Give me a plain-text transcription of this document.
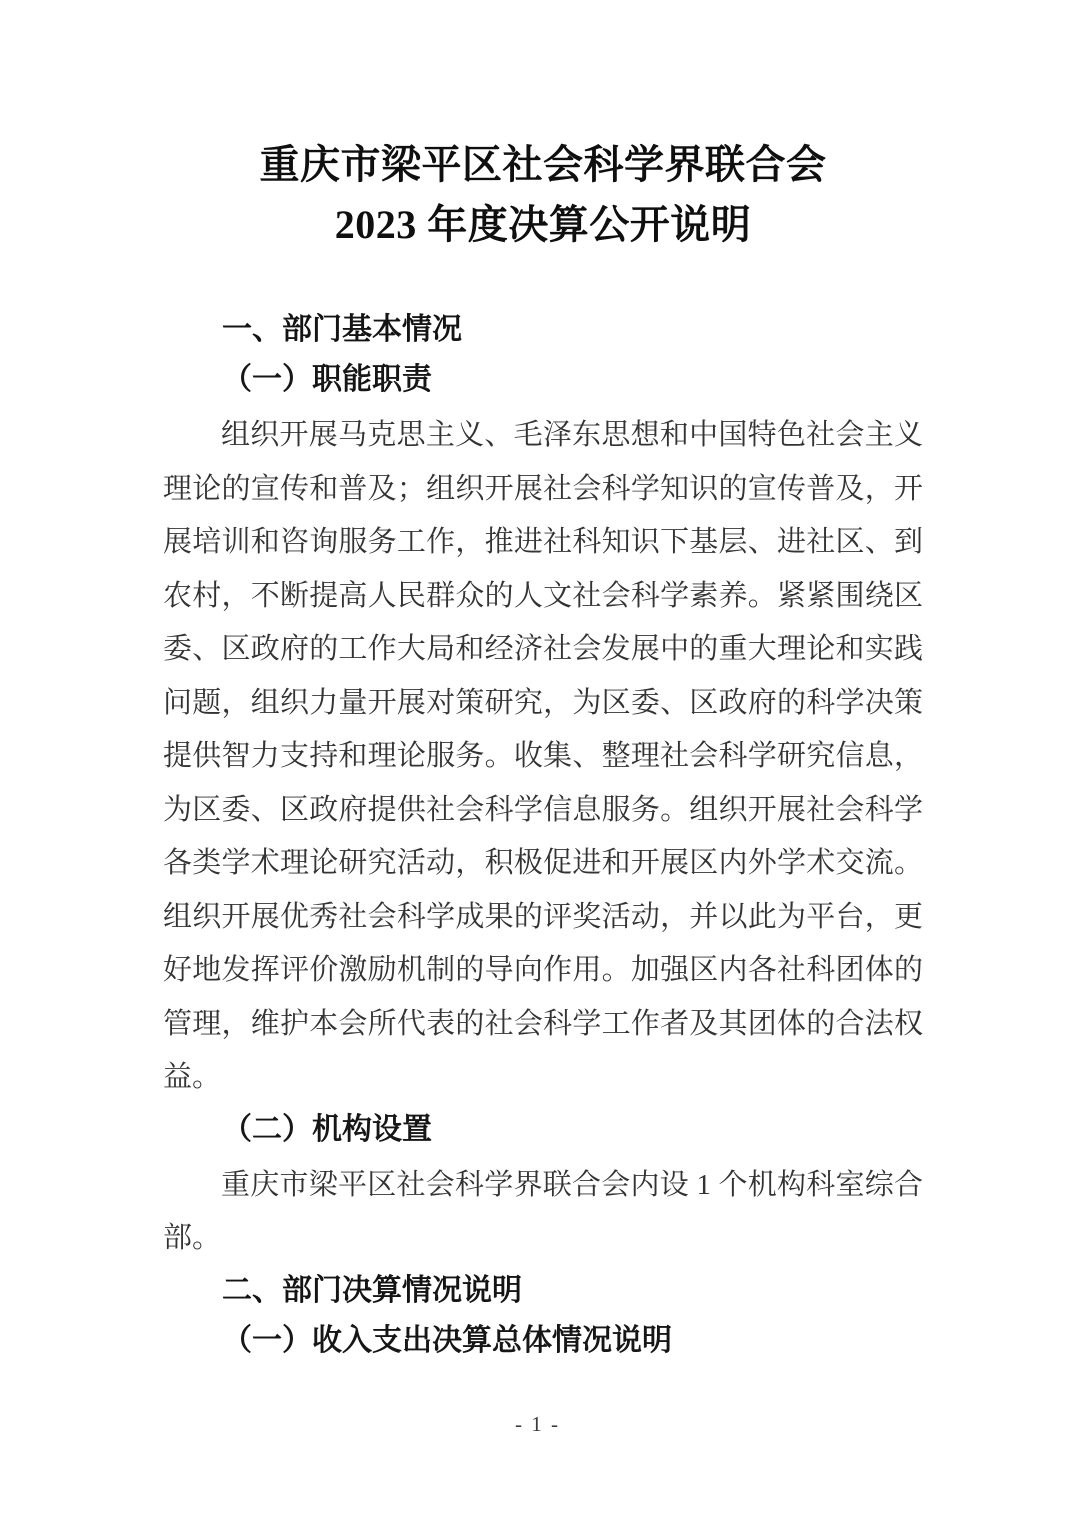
重庆市梁平区社会科学界联合会
2023 年度决算公开说明
一、部门基本情况
（一）职能职责
组织开展马克思主义、毛泽东思想和中国特色社会主义
理论的宣传和普及；组织开展社会科学知识的宣传普及，开
展培训和咨询服务工作，推进社科知识下基层、进社区、到
农村，不断提高人民群众的人文社会科学素养。紧紧围绕区
委、区政府的工作大局和经济社会发展中的重大理论和实践
问题，组织力量开展对策研究，为区委、区政府的科学决策
提供智力支持和理论服务。收集、整理社会科学研究信息，
为区委、区政府提供社会科学信息服务。组织开展社会科学
各类学术理论研究活动，积极促进和开展区内外学术交流。
组织开展优秀社会科学成果的评奖活动，并以此为平台，更
好地发挥评价激励机制的导向作用。加强区内各社科团体的
管理，维护本会所代表的社会科学工作者及其团体的合法权
益。
（二）机构设置
重庆市梁平区社会科学界联合会内设 1 个机构科室综合
部。
二、部门决算情况说明
（一）收入支出决算总体情况说明
- 1 -
